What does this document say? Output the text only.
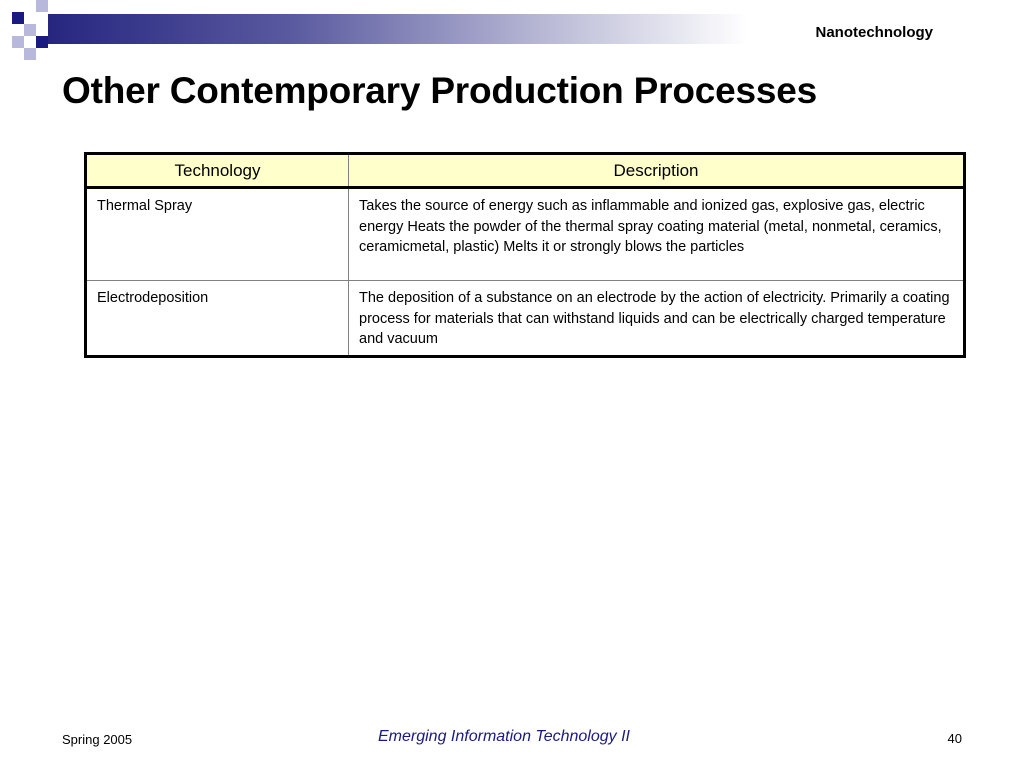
Nanotechnology
Other Contemporary Production Processes
Technology	Description
Thermal Spray	Takes the source of energy such as inflammable and ionized gas, explosive gas, electric energy Heats the powder of the thermal spray coating material (metal, nonmetal, ceramics, ceramicmetal, plastic) Melts it or strongly blows the particles
Electrodeposition	The deposition of a substance on an electrode by the action of electricity. Primarily a coating process for materials that can withstand liquids and can be electrically charged temperature and vacuum
Spring 2005	Emerging Information Technology II	40
